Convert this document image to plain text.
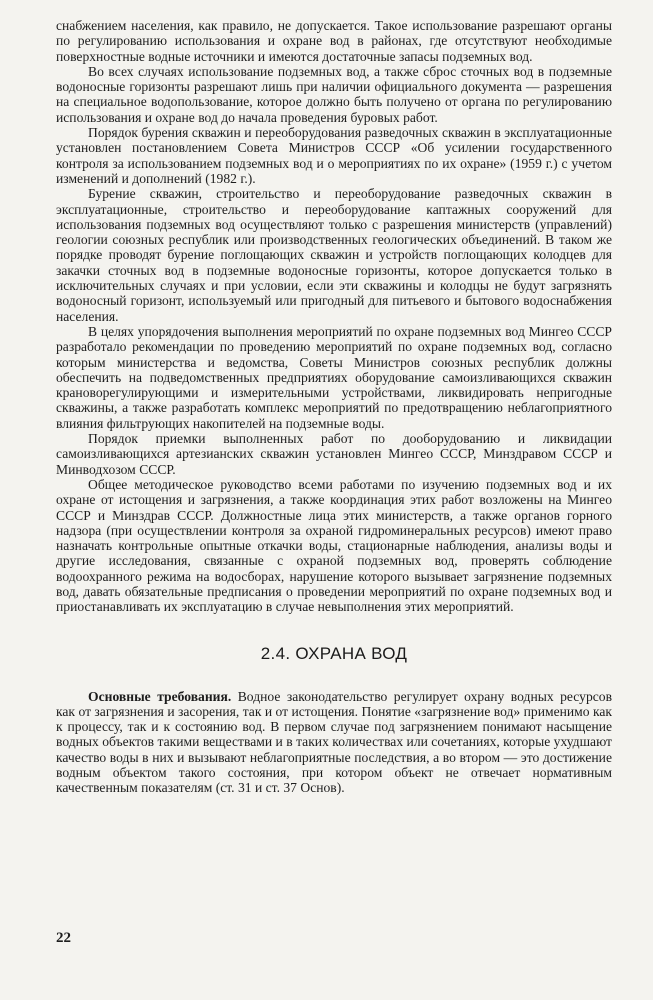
снабжением населения, как правило, не допускается. Такое использование разрешают органы по регулированию использования и охране вод в районах, где отсутствуют необходимые поверхностные водные источники и имеются достаточные запасы подземных вод.

Во всех случаях использование подземных вод, а также сброс сточных вод в подземные водоносные горизонты разрешают лишь при наличии официального документа — разрешения на специальное водопользование, которое должно быть получено от органа по регулированию использования и охране вод до начала проведения буровых работ.

Порядок бурения скважин и переоборудования разведочных скважин в эксплуатационные установлен постановлением Совета Министров СССР «Об усилении государственного контроля за использованием подземных вод и о мероприятиях по их охране» (1959 г.) с учетом изменений и дополнений (1982 г.).

Бурение скважин, строительство и переоборудование разведочных скважин в эксплуатационные, строительство и переоборудование каптажных сооружений для использования подземных вод осуществляют только с разрешения министерств (управлений) геологии союзных республик или производственных геологических объединений. В таком же порядке проводят бурение поглощающих скважин и устройств поглощающих колодцев для закачки сточных вод в подземные водоносные горизонты, которое допускается только в исключительных случаях и при условии, если эти скважины и колодцы не будут загрязнять водоносный горизонт, используемый или пригодный для питьевого и бытового водоснабжения населения.

В целях упорядочения выполнения мероприятий по охране подземных вод Мингео СССР разработало рекомендации по проведению мероприятий по охране подземных вод, согласно которым министерства и ведомства, Советы Министров союзных республик должны обеспечить на подведомственных предприятиях оборудование самоизливающихся скважин крановорегулирующими и измерительными устройствами, ликвидировать непригодные скважины, а также разработать комплекс мероприятий по предотвращению неблагоприятного влияния фильтрующих накопителей на подземные воды.

Порядок приемки выполненных работ по дооборудованию и ликвидации самоизливающихся артезианских скважин установлен Мингео СССР, Минздравом СССР и Минводхозом СССР.

Общее методическое руководство всеми работами по изучению подземных вод и их охране от истощения и загрязнения, а также координация этих работ возложены на Мингео СССР и Минздрав СССР. Должностные лица этих министерств, а также органов горного надзора (при осуществлении контроля за охраной гидроминеральных ресурсов) имеют право назначать контрольные опытные откачки воды, стационарные наблюдения, анализы воды и другие исследования, связанные с охраной подземных вод, проверять соблюдение водоохранного режима на водосборах, нарушение которого вызывает загрязнение подземных вод, давать обязательные предписания о проведении мероприятий по охране подземных вод и приостанавливать их эксплуатацию в случае невыполнения этих мероприятий.

2.4. ОХРАНА ВОД

Основные требования. Водное законодательство регулирует охрану водных ресурсов как от загрязнения и засорения, так и от истощения. Понятие «загрязнение вод» применимо как к процессу, так и к состоянию вод. В первом случае под загрязнением понимают насыщение водных объектов такими веществами и в таких количествах или сочетаниях, которые ухудшают качество воды в них и вызывают неблагоприятные последствия, а во втором — это достижение водным объектом такого состояния, при котором объект не отвечает нормативным качественным показателям (ст. 31 и ст. 37 Основ).

22
